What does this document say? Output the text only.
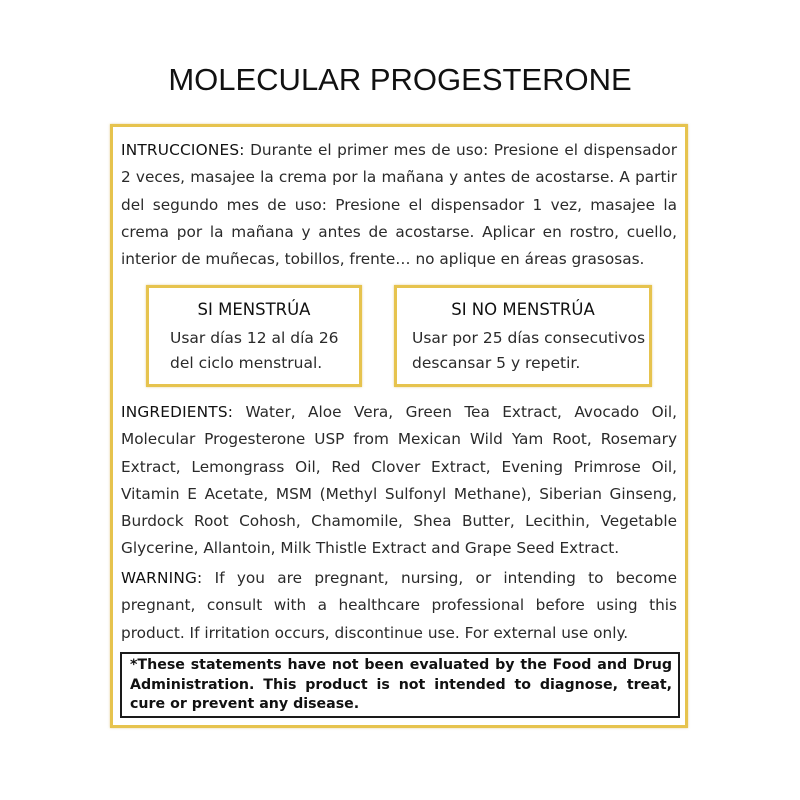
MOLECULAR PROGESTERONE
INTRUCCIONES: Durante el primer mes de uso: Presione el dispensador 2 veces, masajee la crema por la mañana y antes de acostarse. A partir del segundo mes de uso: Presione el dispensador 1 vez, masajee la crema por la mañana y antes de acostarse. Aplicar en rostro, cuello, interior de muñecas, tobillos, frente… no aplique en áreas grasosas.
SI MENSTRÚA
Usar días 12 al día 26 del ciclo menstrual.
SI NO MENSTRÚA
Usar por 25 días consecutivos descansar 5 y repetir.
INGREDIENTS: Water, Aloe Vera, Green Tea Extract, Avocado Oil, Molecular Progesterone USP from Mexican Wild Yam Root, Rosemary Extract, Lemongrass Oil, Red Clover Extract, Evening Primrose Oil, Vitamin E Acetate, MSM (Methyl Sulfonyl Methane), Siberian Ginseng, Burdock Root Cohosh, Chamomile, Shea Butter, Lecithin, Vegetable Glycerine, Allantoin, Milk Thistle Extract and Grape Seed Extract.
WARNING: If you are pregnant, nursing, or intending to become pregnant, consult with a healthcare professional before using this product. If irritation occurs, discontinue use. For external use only.
*These statements have not been evaluated by the Food and Drug Administration. This product is not intended to diagnose, treat, cure or prevent any disease.
